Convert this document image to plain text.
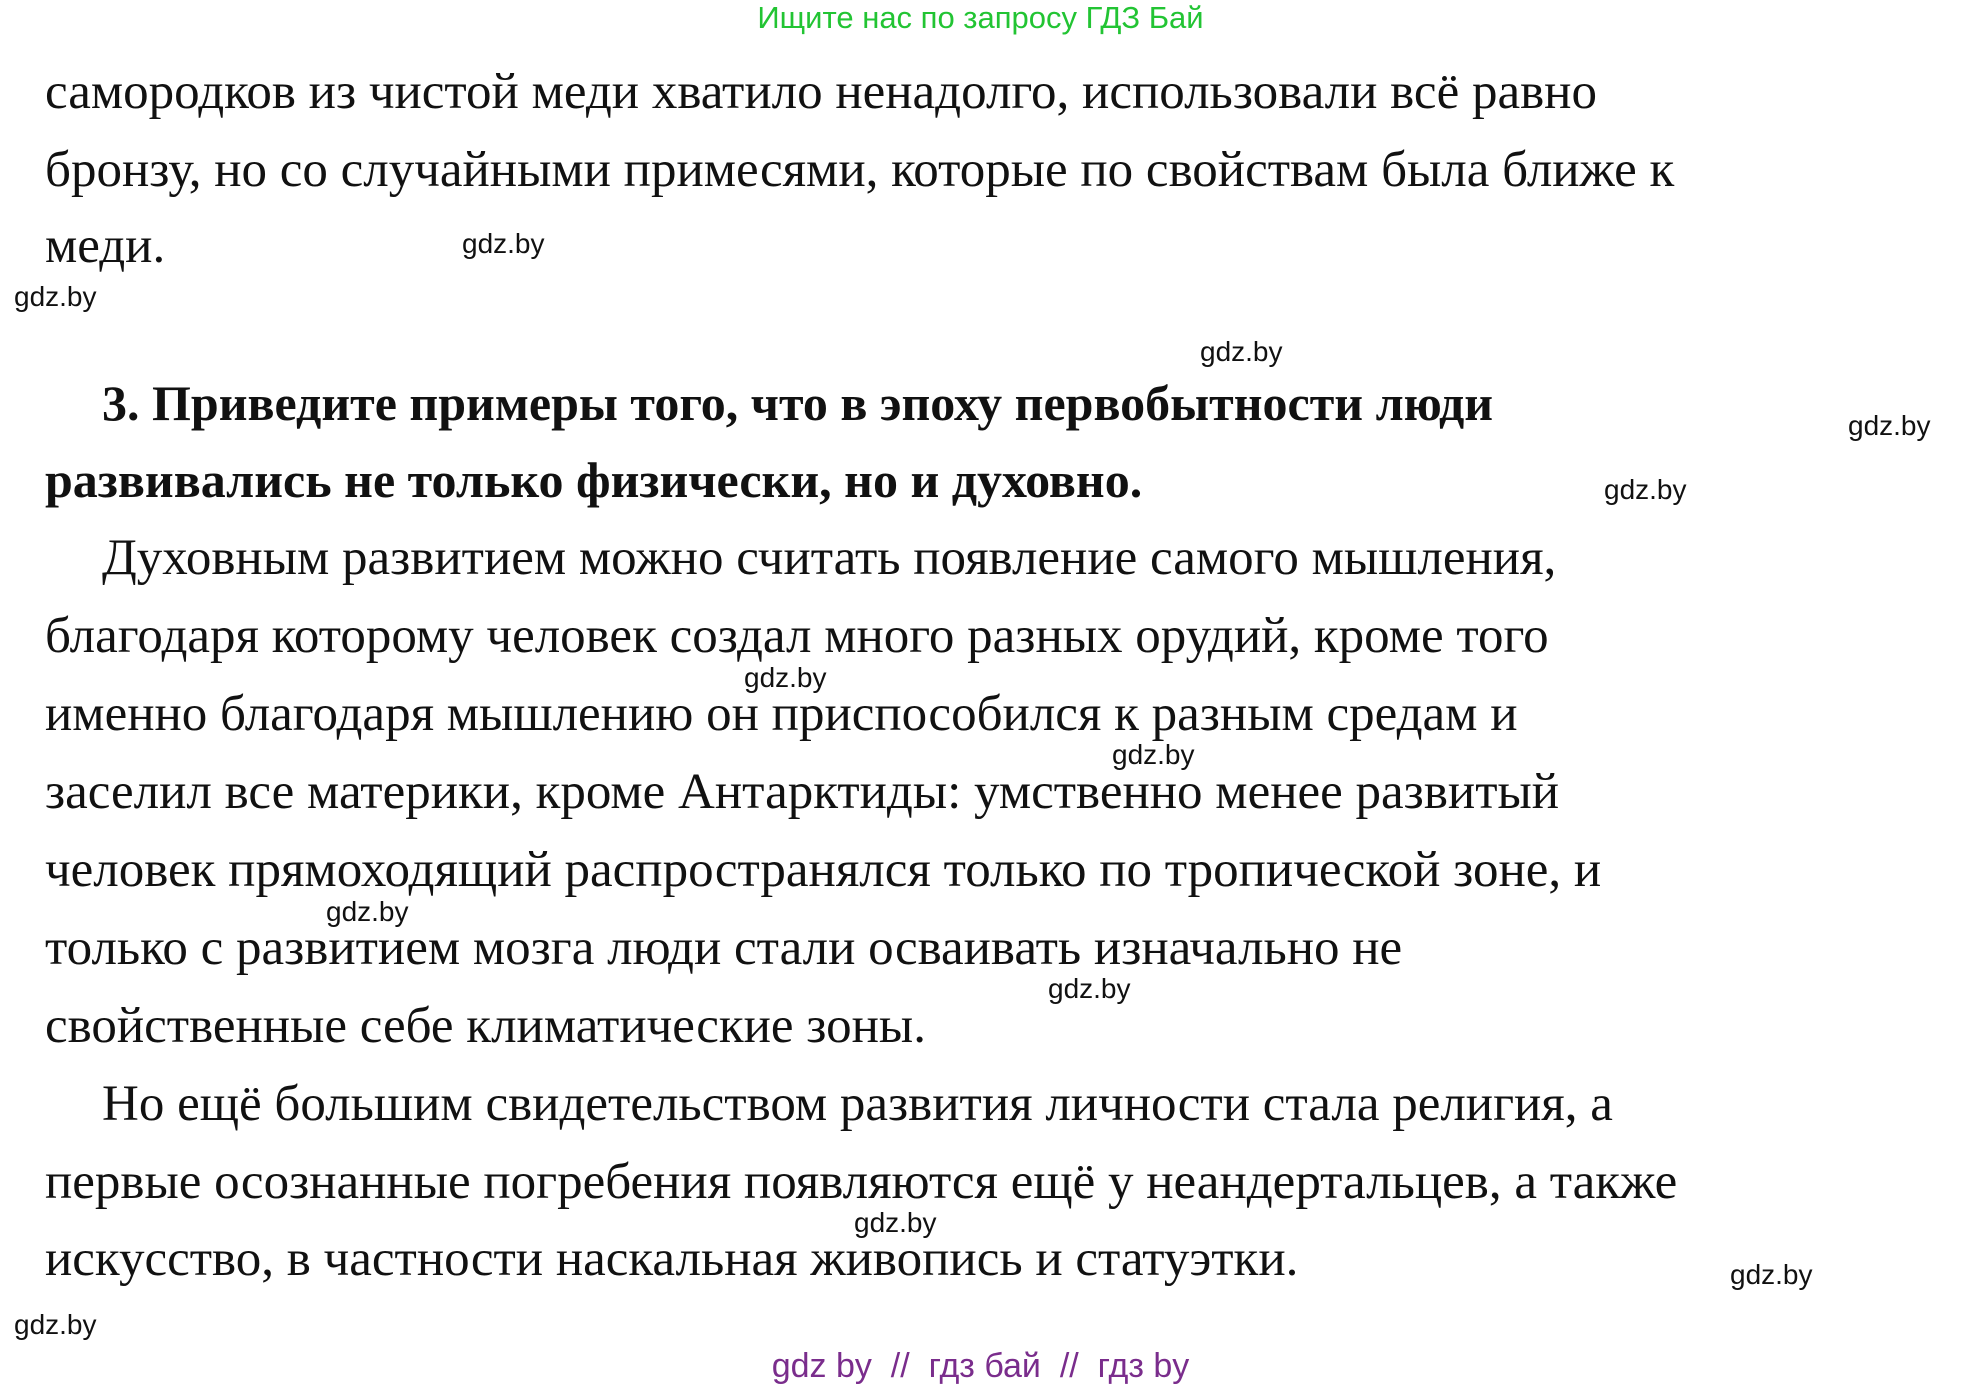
Ищите нас по запросу ГДЗ Бай
самородков из чистой меди хватило ненадолго, использовали всё равно
бронзу, но со случайными примесями, которые по свойствам была ближе к
меди.
3. Приведите примеры того, что в эпоху первобытности люди
развивались не только физически, но и духовно.
Духовным развитием можно считать появление самого мышления,
благодаря которому человек создал много разных орудий, кроме того
именно благодаря мышлению он приспособился к разным средам и
заселил все материки, кроме Антарктиды: умственно менее развитый
человек прямоходящий распространялся только по тропической зоне, и
только с развитием мозга люди стали осваивать изначально не
свойственные себе климатические зоны.
Но ещё большим свидетельством развития личности стала религия, а
первые осознанные погребения появляются ещё у неандертальцев, а также
искусство, в частности наскальная живопись и статуэтки.
gdz.by
gdz.by
gdz.by
gdz.by
gdz.by
gdz.by
gdz.by
gdz.by
gdz.by
gdz.by
gdz.by
gdz.by
gdz by  //  гдз бай  //  гдз by
